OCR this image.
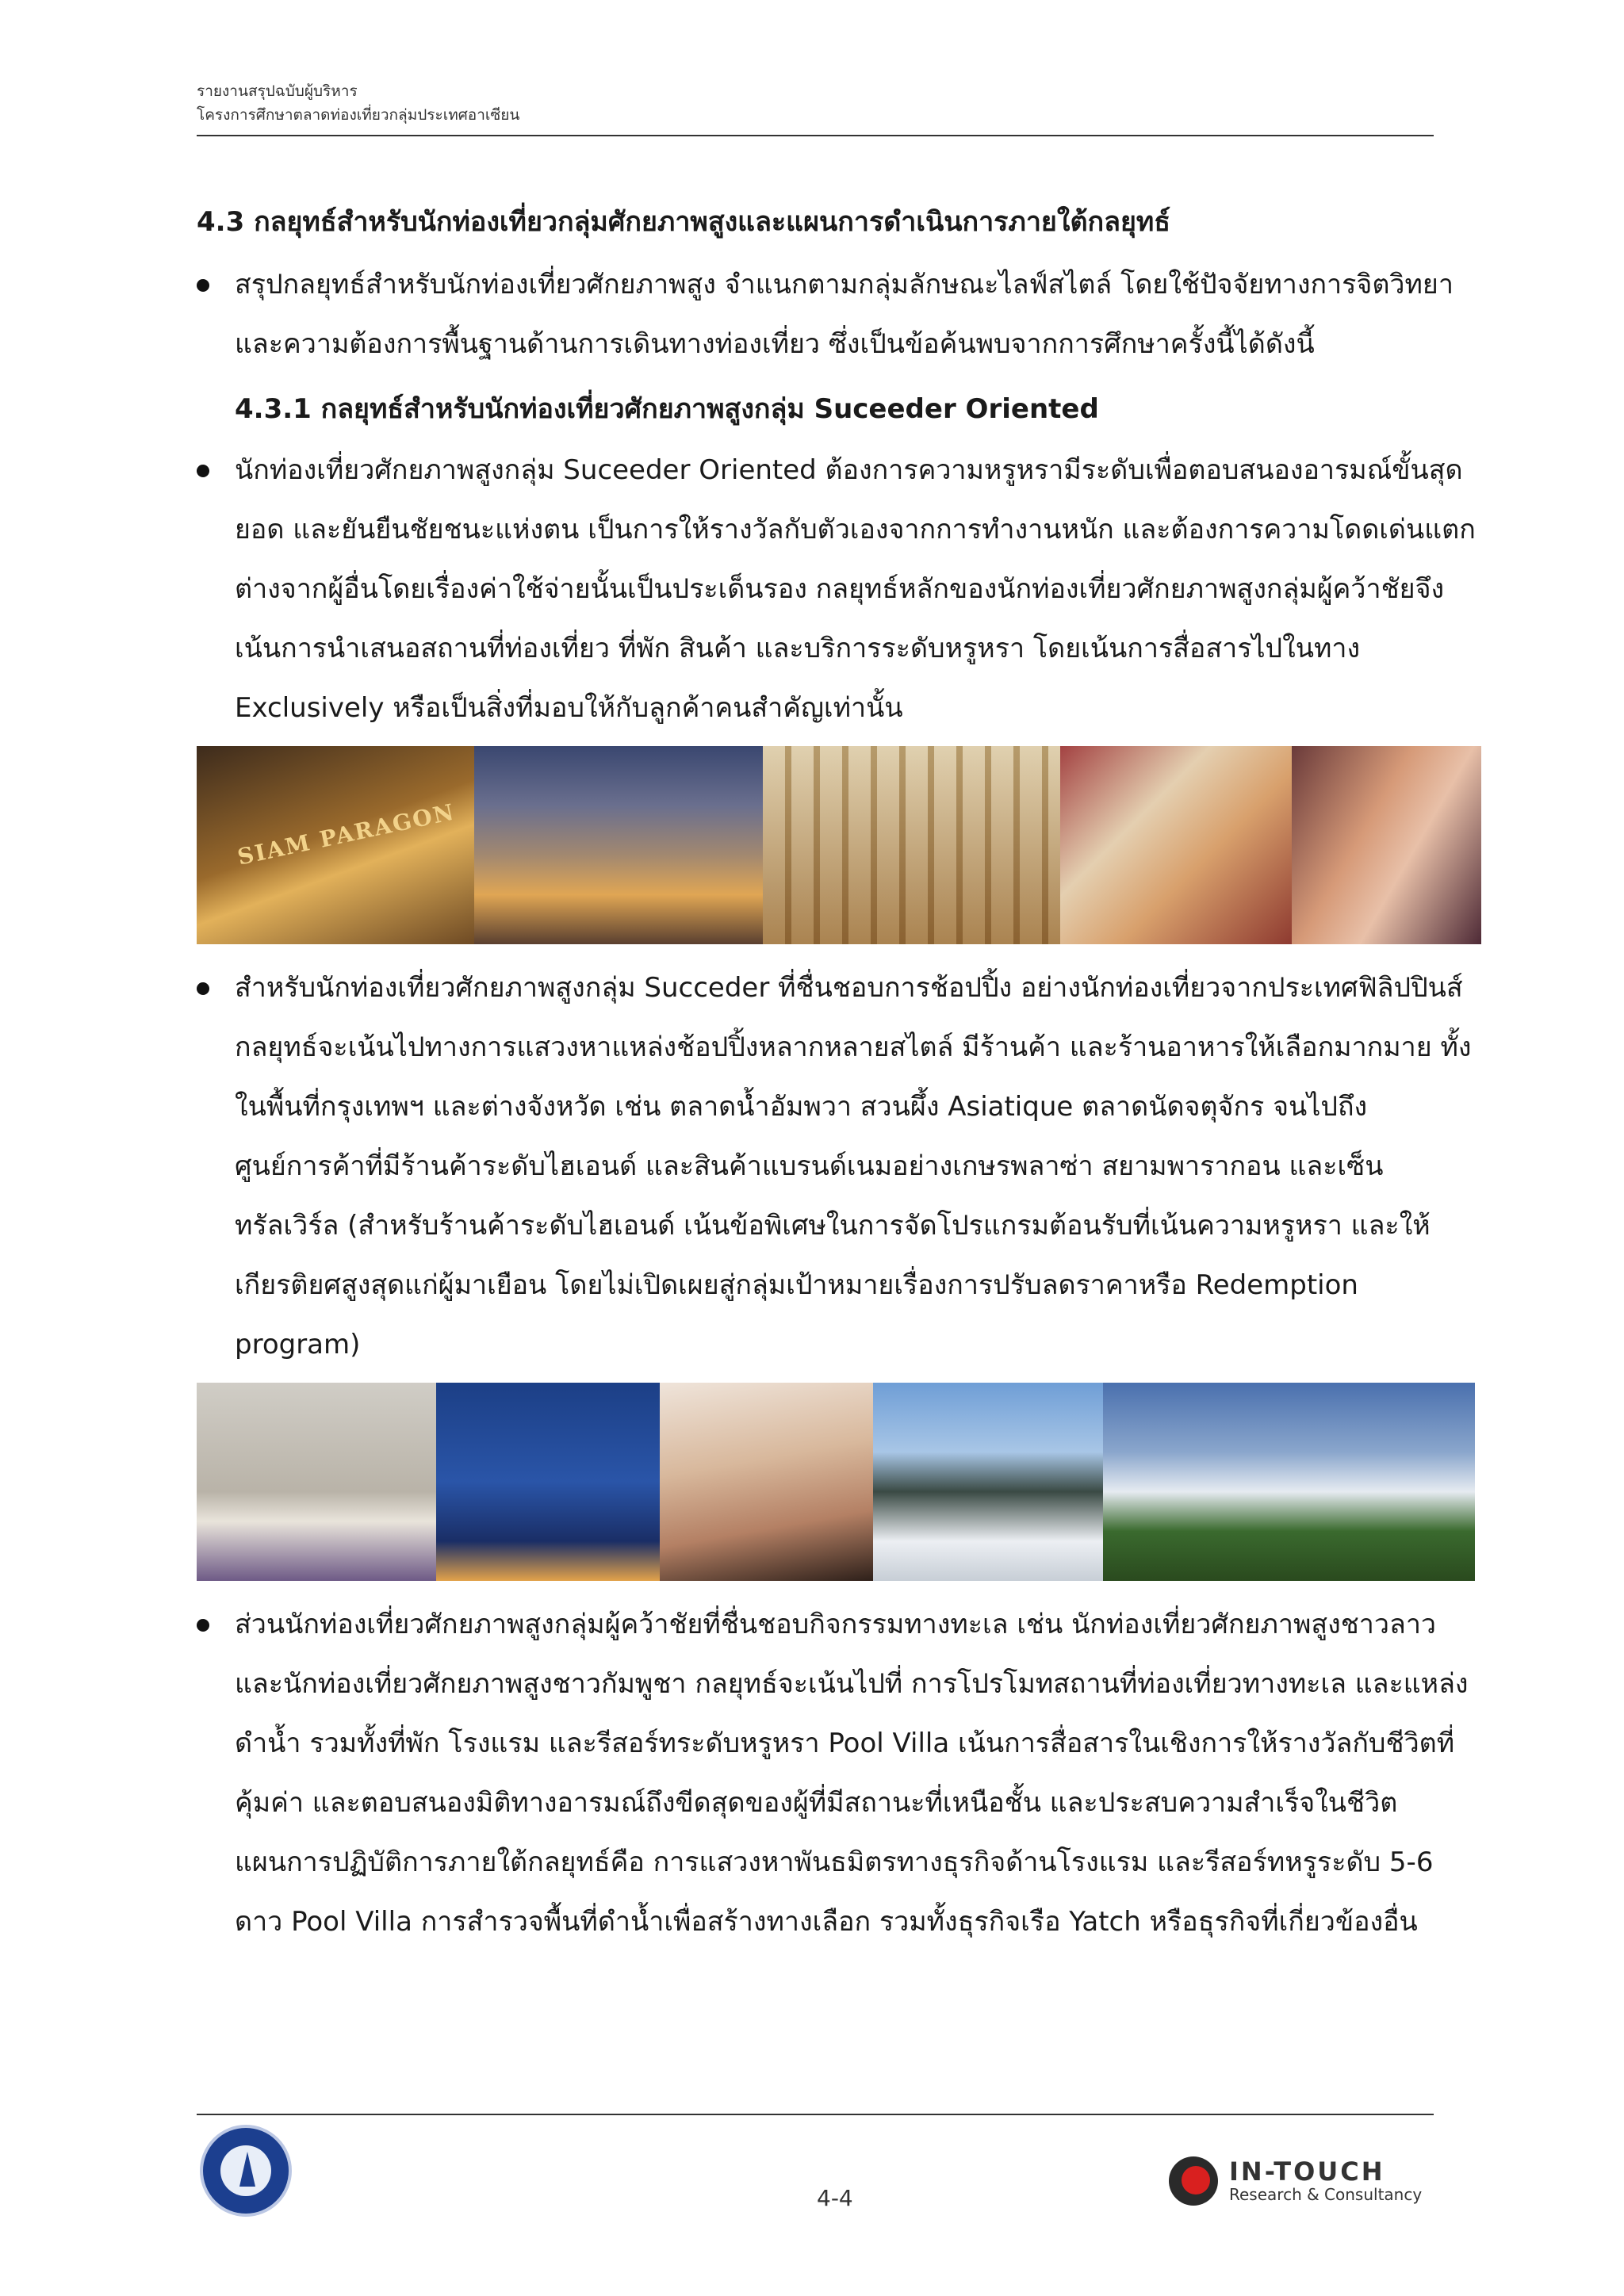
รายงานสรุปฉบับผู้บริหาร
โครงการศึกษาตลาดท่องเที่ยวกลุ่มประเทศอาเซียน
4.3 กลยุทธ์สำหรับนักท่องเที่ยวกลุ่มศักยภาพสูงและแผนการดำเนินการภายใต้กลยุทธ์
สรุปกลยุทธ์สำหรับนักท่องเที่ยวศักยภาพสูง จำแนกตามกลุ่มลักษณะไลฟ์สไตล์ โดยใช้ปัจจัยทางการจิตวิทยา และความต้องการพื้นฐานด้านการเดินทางท่องเที่ยว ซึ่งเป็นข้อค้นพบจากการศึกษาครั้งนี้ได้ดังนี้
4.3.1 กลยุทธ์สำหรับนักท่องเที่ยวศักยภาพสูงกลุ่ม Suceeder Oriented
นักท่องเที่ยวศักยภาพสูงกลุ่ม Suceeder Oriented ต้องการความหรูหรามีระดับเพื่อตอบสนองอารมณ์ขั้นสุดยอด และยันยืนชัยชนะแห่งตน เป็นการให้รางวัลกับตัวเองจากการทำงานหนัก และต้องการความโดดเด่นแตกต่างจากผู้อื่นโดยเรื่องค่าใช้จ่ายนั้นเป็นประเด็นรอง กลยุทธ์หลักของนักท่องเที่ยวศักยภาพสูงกลุ่มผู้คว้าชัยจึงเน้นการนำเสนอสถานที่ท่องเที่ยว ที่พัก สินค้า และบริการระดับหรูหรา โดยเน้นการสื่อสารไปในทาง Exclusively หรือเป็นสิ่งที่มอบให้กับลูกค้าคนสำคัญเท่านั้น
SIAM PARAGON
สำหรับนักท่องเที่ยวศักยภาพสูงกลุ่ม Succeder ที่ชื่นชอบการช้อปปิ้ง อย่างนักท่องเที่ยวจากประเทศฟิลิปปินส์ กลยุทธ์จะเน้นไปทางการแสวงหาแหล่งช้อปปิ้งหลากหลายสไตล์ มีร้านค้า และร้านอาหารให้เลือกมากมาย ทั้งในพื้นที่กรุงเทพฯ และต่างจังหวัด เช่น ตลาดน้ำอัมพวา สวนผึ้ง Asiatique ตลาดนัดจตุจักร จนไปถึงศูนย์การค้าที่มีร้านค้าระดับไฮเอนด์ และสินค้าแบรนด์เนมอย่างเกษรพลาซ่า สยามพารากอน และเซ็นทรัลเวิร์ล (สำหรับร้านค้าระดับไฮเอนด์ เน้นข้อพิเศษในการจัดโปรแกรมต้อนรับที่เน้นความหรูหรา และให้เกียรติยศสูงสุดแก่ผู้มาเยือน โดยไม่เปิดเผยสู่กลุ่มเป้าหมายเรื่องการปรับลดราคาหรือ Redemption program)
ส่วนนักท่องเที่ยวศักยภาพสูงกลุ่มผู้คว้าชัยที่ชื่นชอบกิจกรรมทางทะเล เช่น นักท่องเที่ยวศักยภาพสูงชาวลาว และนักท่องเที่ยวศักยภาพสูงชาวกัมพูชา กลยุทธ์จะเน้นไปที่ การโปรโมทสถานที่ท่องเที่ยวทางทะเล และแหล่งดำน้ำ รวมทั้งที่พัก โรงแรม และรีสอร์ทระดับหรูหรา Pool Villa เน้นการสื่อสารในเชิงการให้รางวัลกับชีวิตที่คุ้มค่า และตอบสนองมิติทางอารมณ์ถึงขีดสุดของผู้ที่มีสถานะที่เหนือชั้น และประสบความสำเร็จในชีวิต แผนการปฏิบัติการภายใต้กลยุทธ์คือ การแสวงหาพันธมิตรทางธุรกิจด้านโรงแรม และรีสอร์ทหรูระดับ 5-6 ดาว Pool Villa การสำรวจพื้นที่ดำน้ำเพื่อสร้างทางเลือก รวมทั้งธุรกิจเรือ Yatch หรือธุรกิจที่เกี่ยวข้องอื่น
4-4
IN-TOUCH
Research & Consultancy
